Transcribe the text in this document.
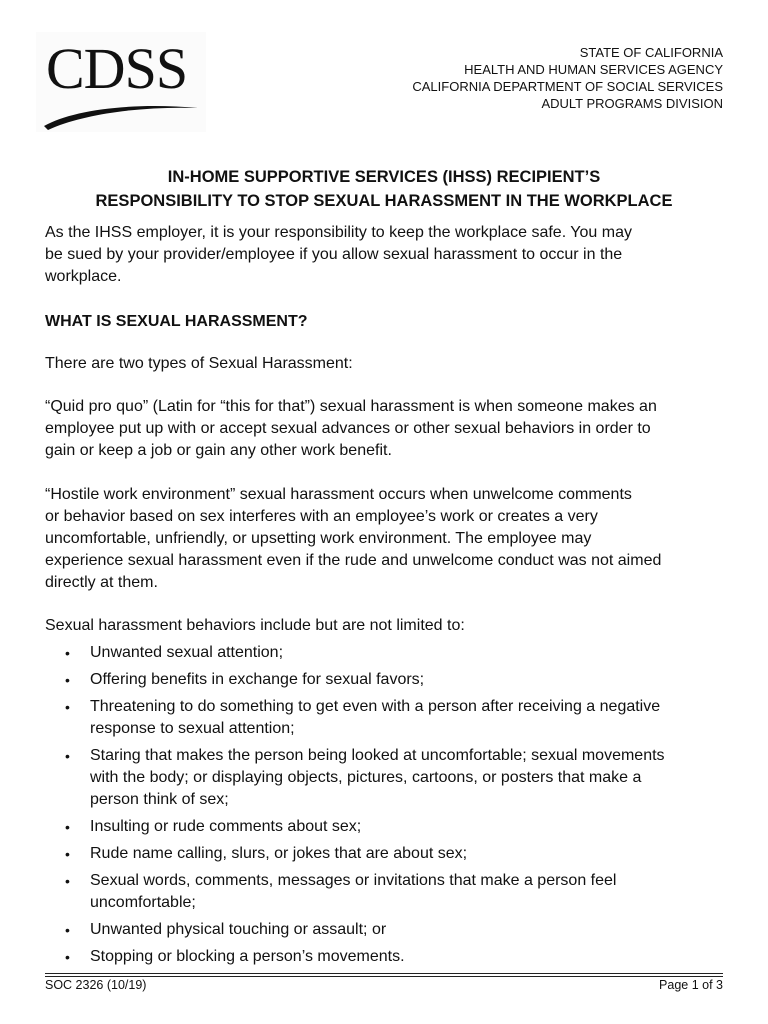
CDSS	STATE OF CALIFORNIA
HEALTH AND HUMAN SERVICES AGENCY
CALIFORNIA DEPARTMENT OF SOCIAL SERVICES
ADULT PROGRAMS DIVISION
IN-HOME SUPPORTIVE SERVICES (IHSS) RECIPIENT’S
RESPONSIBILITY TO STOP SEXUAL HARASSMENT IN THE WORKPLACE
As the IHSS employer, it is your responsibility to keep the workplace safe. You may
be sued by your provider/employee if you allow sexual harassment to occur in the
workplace.
WHAT IS SEXUAL HARASSMENT?
There are two types of Sexual Harassment:
“Quid pro quo” (Latin for “this for that”) sexual harassment is when someone makes an
employee put up with or accept sexual advances or other sexual behaviors in order to
gain or keep a job or gain any other work benefit.
“Hostile work environment” sexual harassment occurs when unwelcome comments
or behavior based on sex interferes with an employee’s work or creates a very
uncomfortable, unfriendly, or upsetting work environment. The employee may
experience sexual harassment even if the rude and unwelcome conduct was not aimed
directly at them.
Sexual harassment behaviors include but are not limited to:
• Unwanted sexual attention;
• Offering benefits in exchange for sexual favors;
• Threatening to do something to get even with a person after receiving a negative
response to sexual attention;
• Staring that makes the person being looked at uncomfortable; sexual movements
with the body; or displaying objects, pictures, cartoons, or posters that make a
person think of sex;
• Insulting or rude comments about sex;
• Rude name calling, slurs, or jokes that are about sex;
• Sexual words, comments, messages or invitations that make a person feel
uncomfortable;
• Unwanted physical touching or assault; or
• Stopping or blocking a person’s movements.
SOC 2326 (10/19)	Page 1 of 3
